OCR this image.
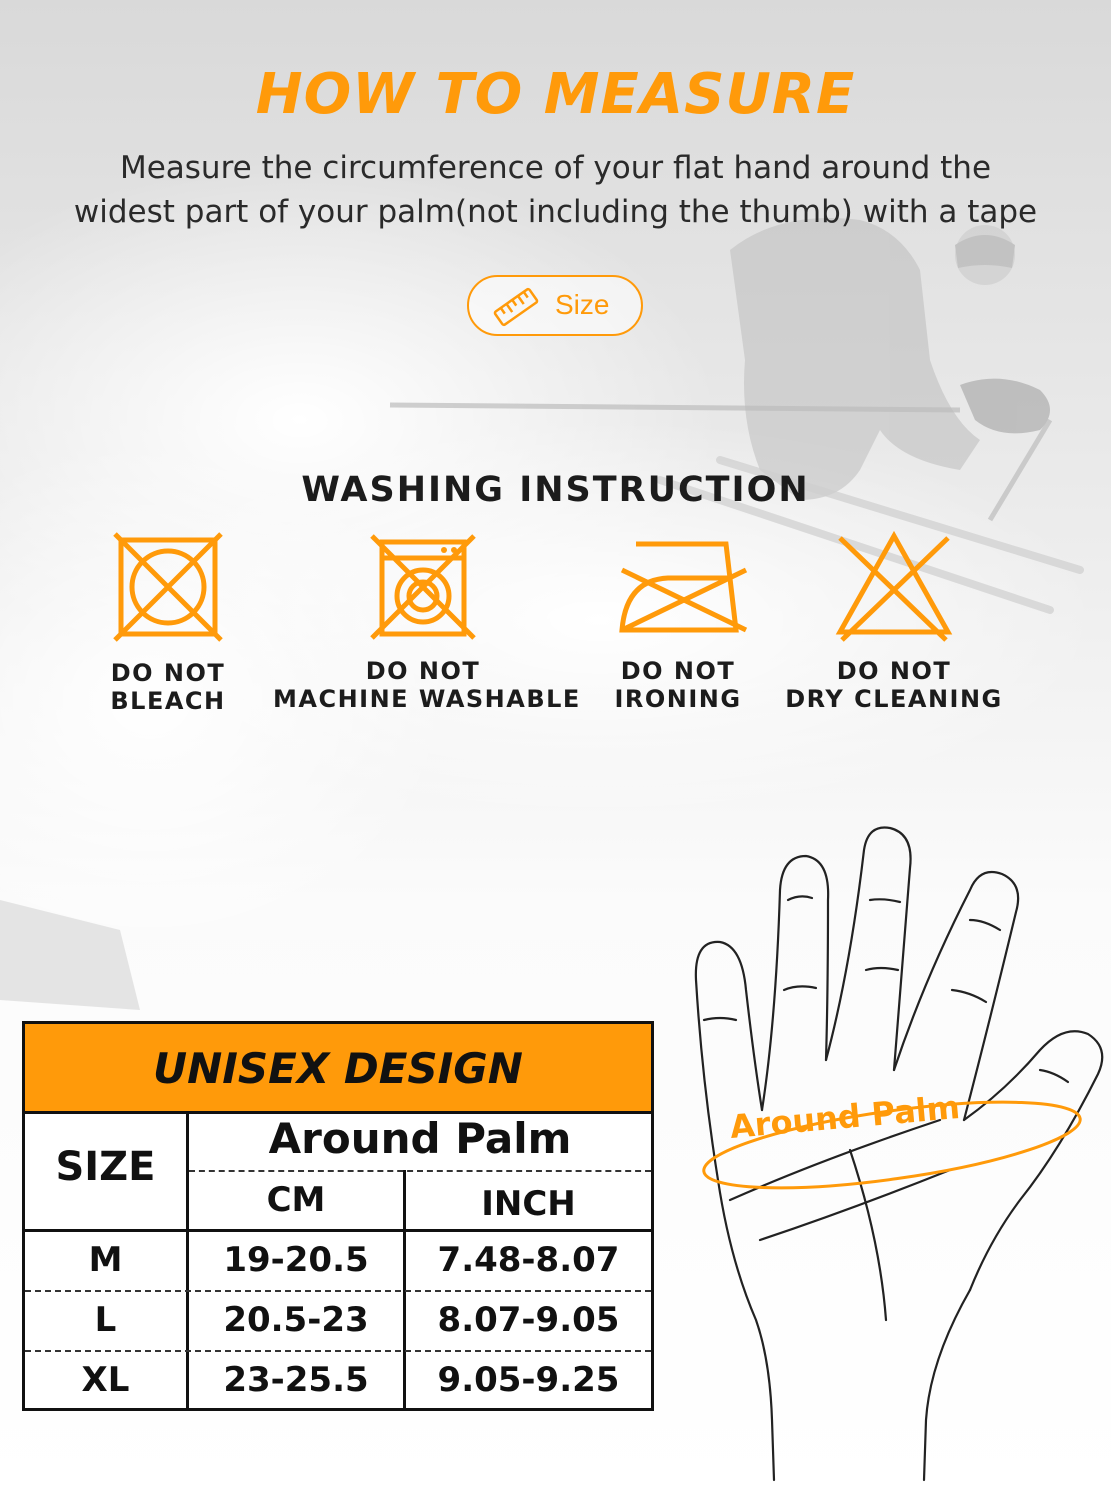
HOW TO MEASURE
Measure the circumference of your flat hand around the
widest part of your palm(not including the thumb) with a tape
Size
WASHING INSTRUCTION
DO NOT
BLEACH
DO NOT
MACHINE WASHABLE
DO NOT
IRONING
DO NOT
DRY CLEANING
UNISEX DESIGN
SIZE
Around Palm
CM	INCH
M	19-20.5	7.48-8.07
L	20.5-23	8.07-9.05
XL	23-25.5	9.05-9.25
Around Palm
